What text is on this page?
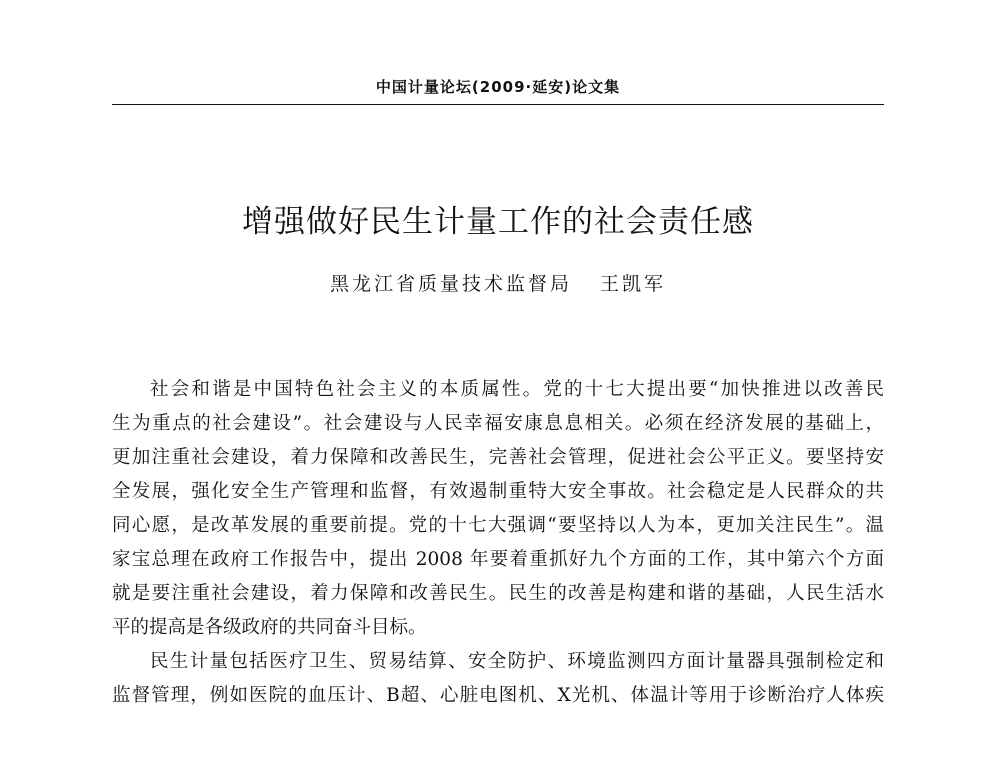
中国计量论坛(2009·延安)论文集
增强做好民生计量工作的社会责任感
黑龙江省质量技术监督局 王凯军
社会和谐是中国特色社会主义的本质属性。党的十七大提出要“加快推进以改善民
生为重点的社会建设”。社会建设与人民幸福安康息息相关。必须在经济发展的基础上，
更加注重社会建设，着力保障和改善民生，完善社会管理，促进社会公平正义。要坚持安
全发展，强化安全生产管理和监督，有效遏制重特大安全事故。社会稳定是人民群众的共
同心愿，是改革发展的重要前提。党的十七大强调“要坚持以人为本，更加关注民生”。温
家宝总理在政府工作报告中，提出 2008 年要着重抓好九个方面的工作，其中第六个方面
就是要注重社会建设，着力保障和改善民生。民生的改善是构建和谐的基础，人民生活水
平的提高是各级政府的共同奋斗目标。
民生计量包括医疗卫生、贸易结算、安全防护、环境监测四方面计量器具强制检定和
监督管理，例如医院的血压计、B超、心脏电图机、X光机、体温计等用于诊断治疗人体疾
